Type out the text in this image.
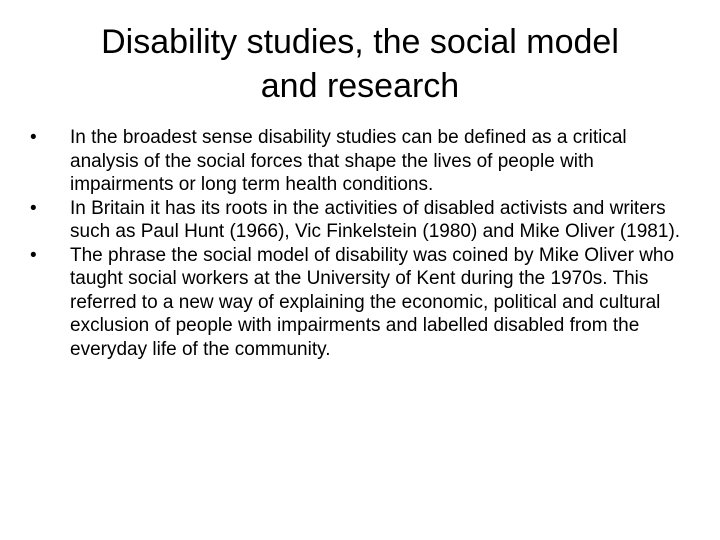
Disability studies, the social model
and research
•	In the broadest sense disability studies can be defined as a critical analysis of the social forces that shape the lives of people with impairments or long term health conditions.
•	In Britain it has its roots in the activities of disabled activists and writers such as Paul Hunt (1966), Vic Finkelstein (1980) and Mike Oliver (1981).
•	The phrase the social model of disability was coined by Mike Oliver who taught social workers at the University of Kent during the 1970s. This referred to a new way of explaining the economic, political and cultural exclusion of people with impairments and labelled disabled from the everyday life of the community.
